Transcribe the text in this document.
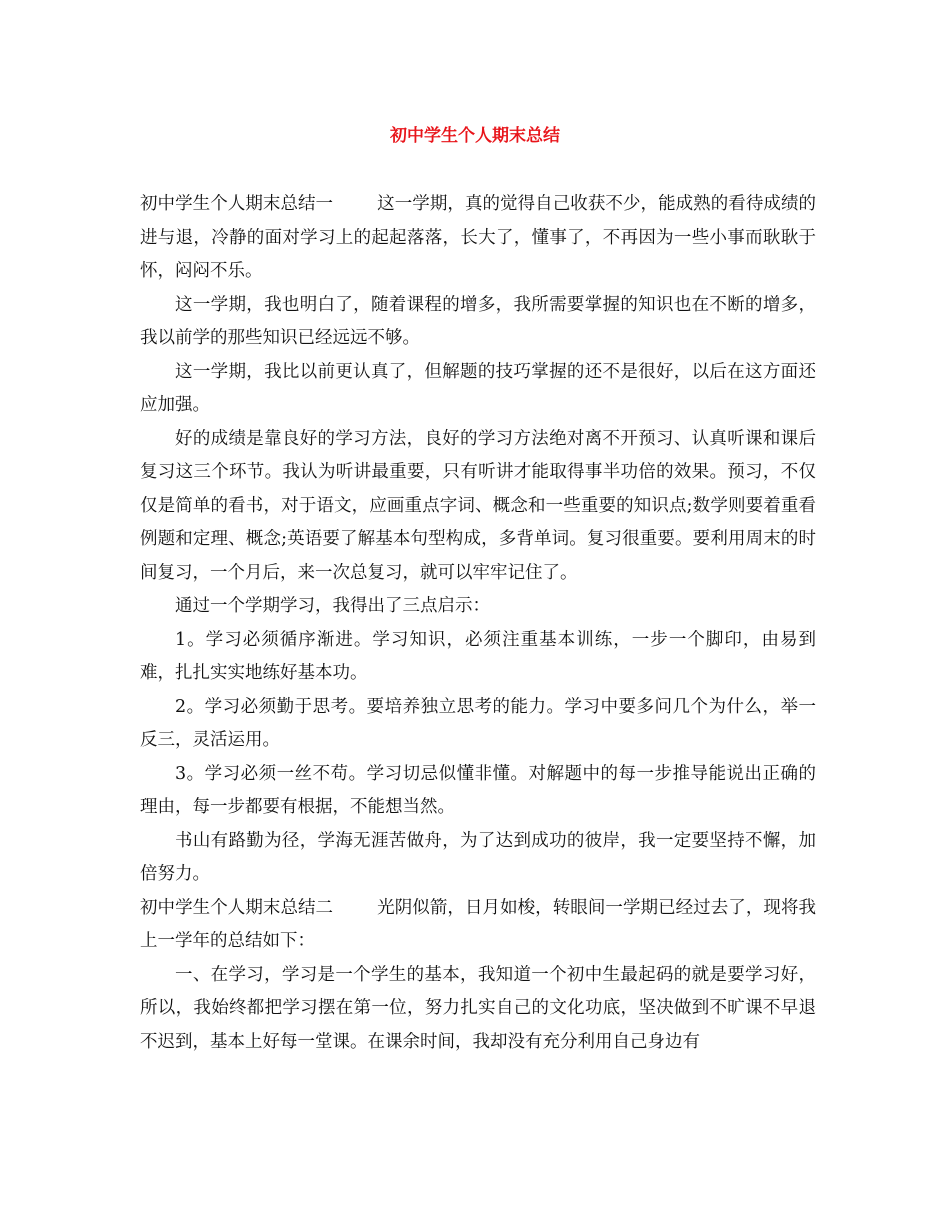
初中学生个人期末总结

初中学生个人期末总结一	这一学期，真的觉得自己收获不少，能成熟的看待成绩的进与退，冷静的面对学习上的起起落落，长大了，懂事了，不再因为一些小事而耿耿于怀，闷闷不乐。

这一学期，我也明白了，随着课程的增多，我所需要掌握的知识也在不断的增多，我以前学的那些知识已经远远不够。

这一学期，我比以前更认真了，但解题的技巧掌握的还不是很好，以后在这方面还应加强。

好的成绩是靠良好的学习方法，良好的学习方法绝对离不开预习、认真听课和课后复习这三个环节。我认为听讲最重要，只有听讲才能取得事半功倍的效果。预习，不仅仅是简单的看书，对于语文，应画重点字词、概念和一些重要的知识点;数学则要着重看例题和定理、概念;英语要了解基本句型构成，多背单词。复习很重要。要利用周末的时间复习，一个月后，来一次总复习，就可以牢牢记住了。

通过一个学期学习，我得出了三点启示：

1。学习必须循序渐进。学习知识，必须注重基本训练，一步一个脚印，由易到难，扎扎实实地练好基本功。

2。学习必须勤于思考。要培养独立思考的能力。学习中要多问几个为什么，举一反三，灵活运用。

3。学习必须一丝不苟。学习切忌似懂非懂。对解题中的每一步推导能说出正确的理由，每一步都要有根据，不能想当然。

书山有路勤为径，学海无涯苦做舟，为了达到成功的彼岸，我一定要坚持不懈，加倍努力。

初中学生个人期末总结二	光阴似箭，日月如梭，转眼间一学期已经过去了，现将我上一学年的总结如下：

一、在学习，学习是一个学生的基本，我知道一个初中生最起码的就是要学习好，所以，我始终都把学习摆在第一位，努力扎实自己的文化功底，坚决做到不旷课不早退不迟到，基本上好每一堂课。在课余时间，我却没有充分利用自己身边有
